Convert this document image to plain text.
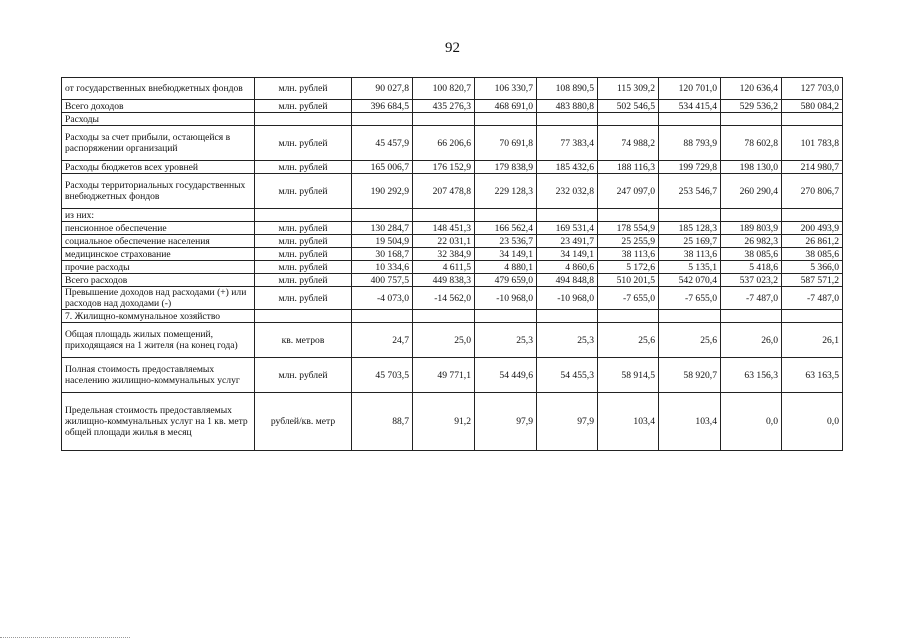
92
от государственных внебюджетных фондов	млн. рублей	90 027,8	100 820,7	106 330,7	108 890,5	115 309,2	120 701,0	120 636,4	127 703,0
Всего доходов	млн. рублей	396 684,5	435 276,3	468 691,0	483 880,8	502 546,5	534 415,4	529 536,2	580 084,2
Расходы									
Расходы за счет прибыли, остающейся в распоряжении организаций	млн. рублей	45 457,9	66 206,6	70 691,8	77 383,4	74 988,2	88 793,9	78 602,8	101 783,8
Расходы бюджетов всех уровней	млн. рублей	165 006,7	176 152,9	179 838,9	185 432,6	188 116,3	199 729,8	198 130,0	214 980,7
Расходы территориальных государственных внебюджетных фондов	млн. рублей	190 292,9	207 478,8	229 128,3	232 032,8	247 097,0	253 546,7	260 290,4	270 806,7
из них:									
пенсионное обеспечение	млн. рублей	130 284,7	148 451,3	166 562,4	169 531,4	178 554,9	185 128,3	189 803,9	200 493,9
социальное обеспечение населения	млн. рублей	19 504,9	22 031,1	23 536,7	23 491,7	25 255,9	25 169,7	26 982,3	26 861,2
медицинское страхование	млн. рублей	30 168,7	32 384,9	34 149,1	34 149,1	38 113,6	38 113,6	38 085,6	38 085,6
прочие расходы	млн. рублей	10 334,6	4 611,5	4 880,1	4 860,6	5 172,6	5 135,1	5 418,6	5 366,0
Всего расходов	млн. рублей	400 757,5	449 838,3	479 659,0	494 848,8	510 201,5	542 070,4	537 023,2	587 571,2
Превышение доходов над расходами (+) или расходов над доходами (-)	млн. рублей	-4 073,0	-14 562,0	-10 968,0	-10 968,0	-7 655,0	-7 655,0	-7 487,0	-7 487,0
7. Жилищно-коммунальное хозяйство									
Общая площадь жилых помещений, приходящаяся на 1 жителя (на конец года)	кв. метров	24,7	25,0	25,3	25,3	25,6	25,6	26,0	26,1
Полная стоимость предоставляемых населению жилищно-коммунальных услуг	млн. рублей	45 703,5	49 771,1	54 449,6	54 455,3	58 914,5	58 920,7	63 156,3	63 163,5
Предельная стоимость предоставляемых жилищно-коммунальных услуг на 1 кв. метр общей площади жилья в месяц	рублей/кв. метр	88,7	91,2	97,9	97,9	103,4	103,4	0,0	0,0
